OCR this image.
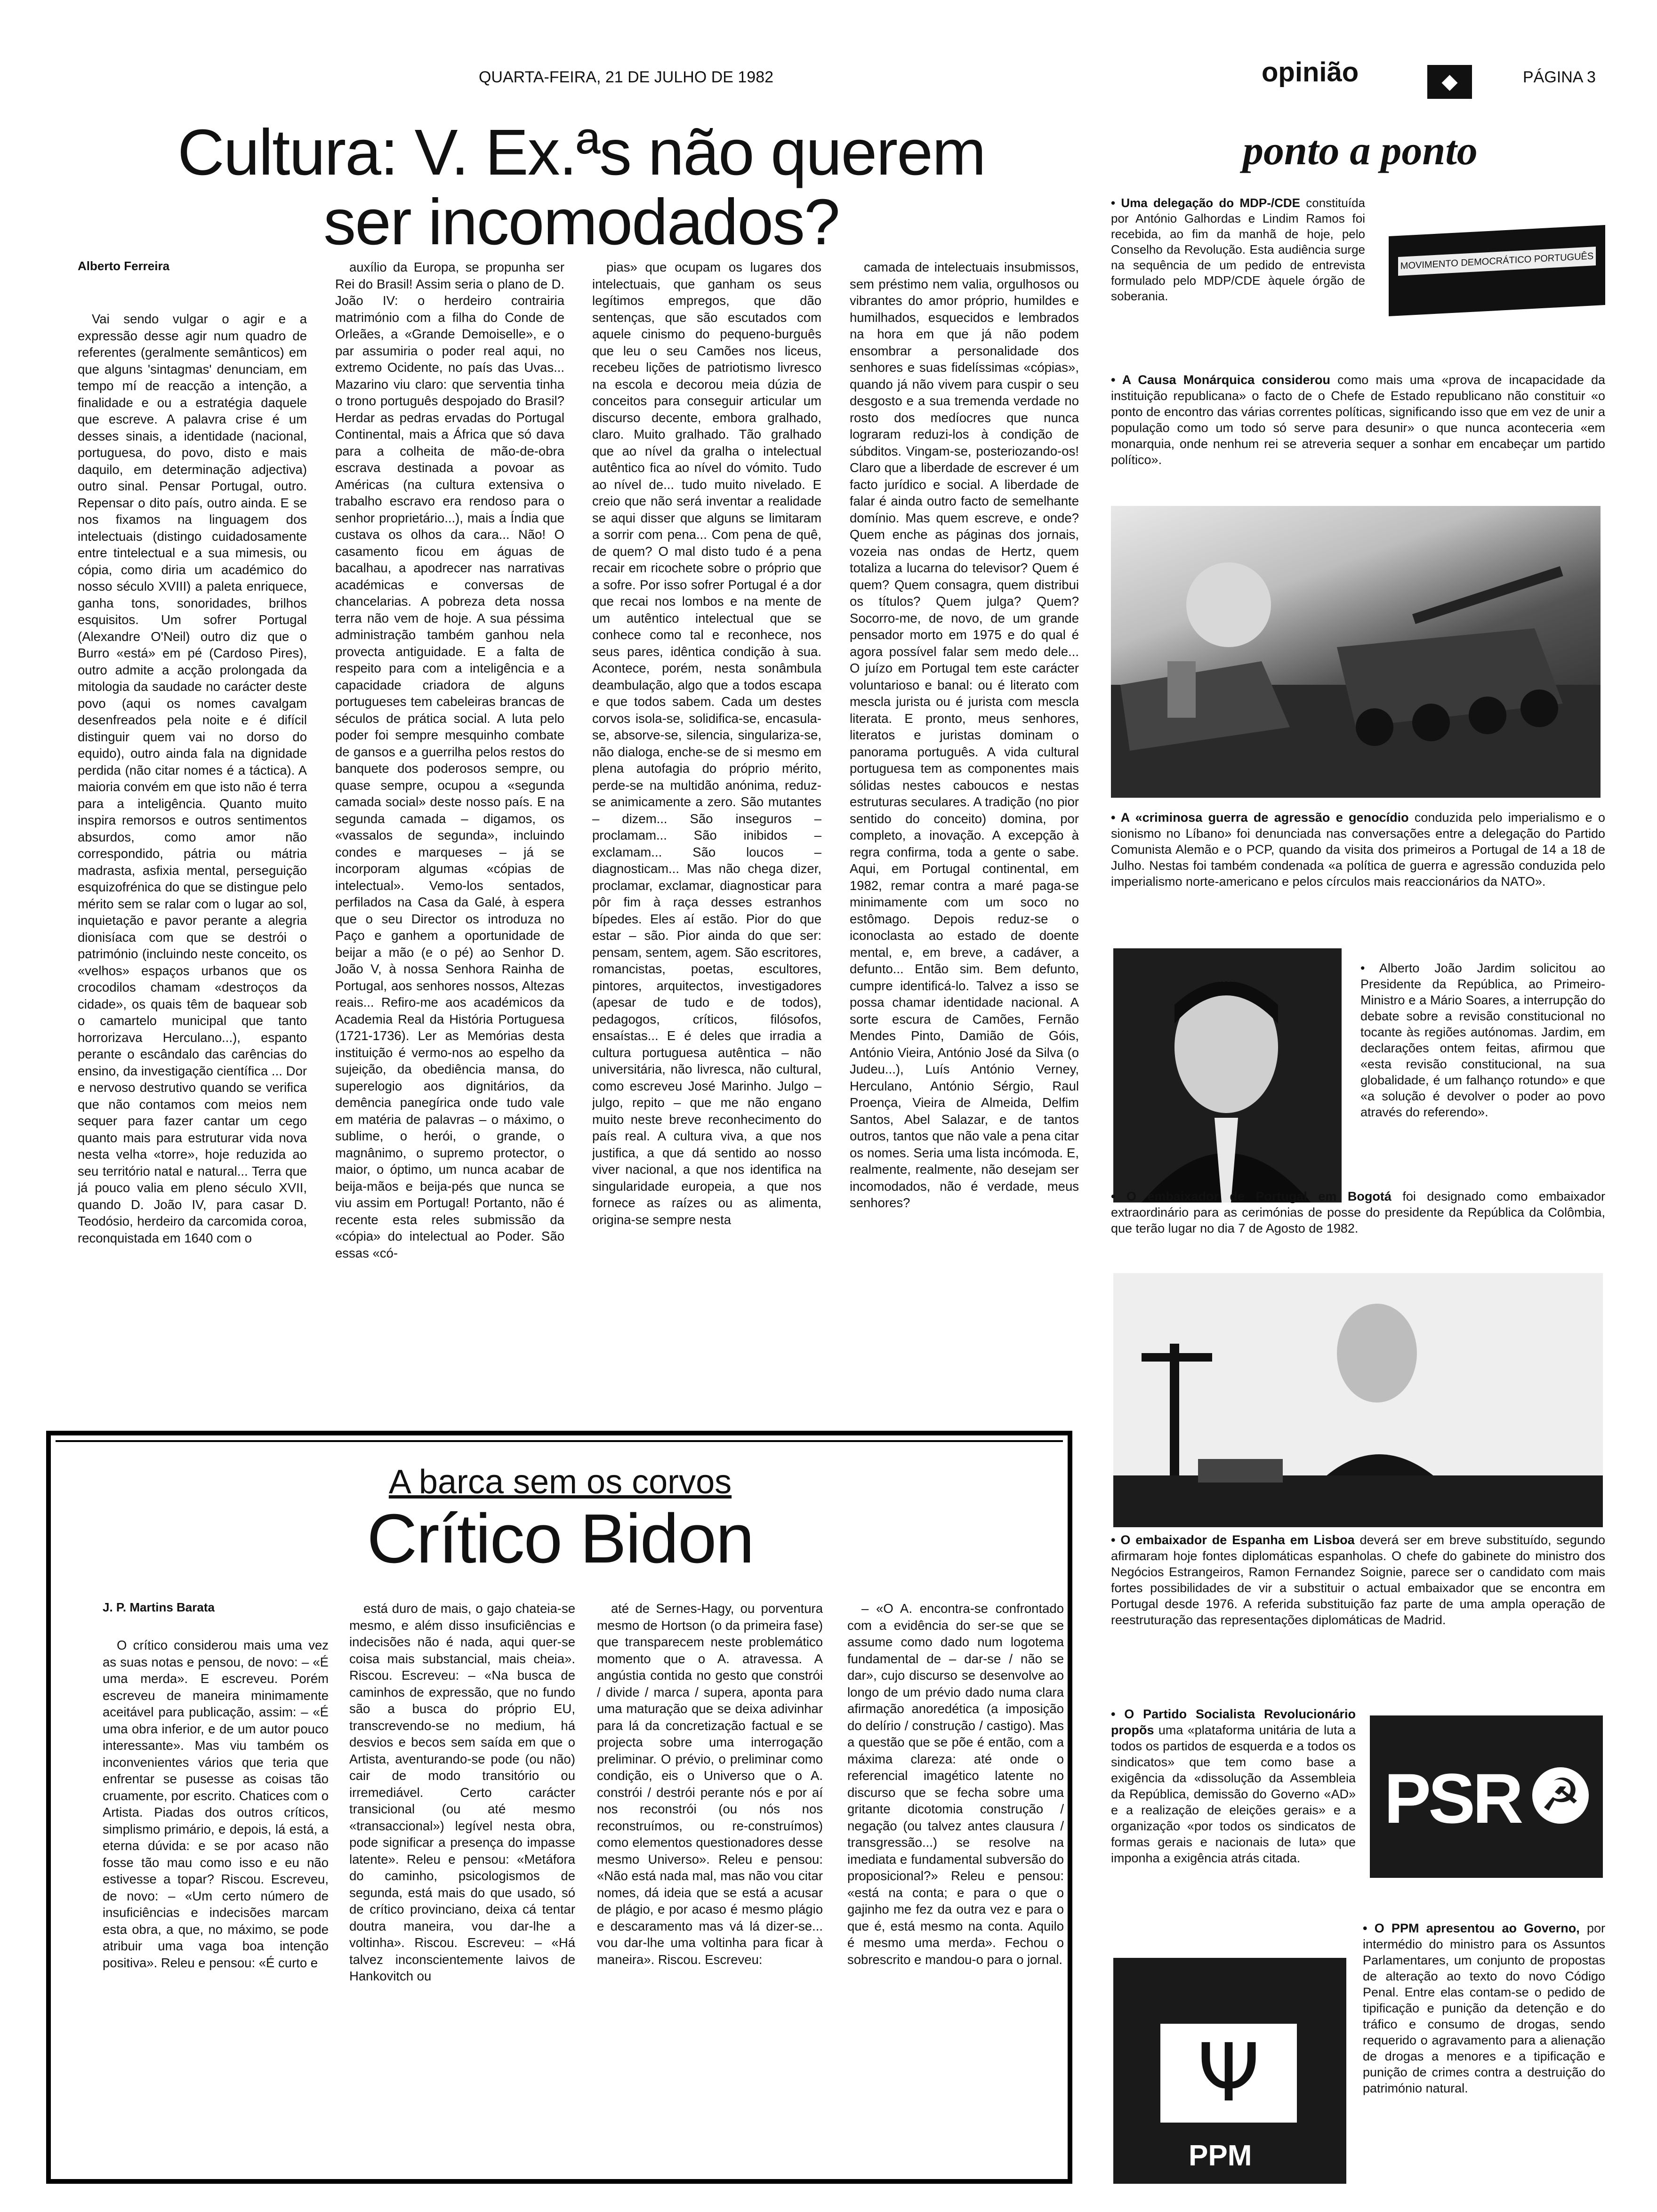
QUARTA-FEIRA, 21 DE JULHO DE 1982	opinião	◆	PÁGINA 3
Cultura: V. Ex.ªs não querem
ser incomodados?
Alberto Ferreira

Vai sendo vulgar o agir e a expressão desse agir num quadro de referentes (geralmente semânticos) em que alguns 'sintagmas' denunciam, em tempo mí de reacção a intenção, a finalidade e ou a estratégia daquele que escreve. A palavra crise é um desses sinais, a identidade (nacional, portuguesa, do povo, disto e mais daquilo, em determinação adjectiva) outro sinal. Pensar Portugal, outro. Repensar o dito país, outro ainda. E se nos fixamos na linguagem dos intelectuais (distingo cuidadosamente entre tintelectual e a sua mimesis, ou cópia, como diria um académico do nosso século XVIII) a paleta enriquece, ganha tons, sonoridades, brilhos esquisitos. Um sofrer Portugal (Alexandre O'Neil) outro diz que o Burro «está» em pé (Cardoso Pires), outro admite a acção prolongada da mitologia da saudade no carácter deste povo (aqui os nomes cavalgam desenfreados pela noite e é difícil distinguir quem vai no dorso do equido), outro ainda fala na dignidade perdida (não citar nomes é a táctica). A maioria convém em que isto não é terra para a inteligência. Quanto muito inspira remorsos e outros sentimentos absurdos, como amor não correspondido, pátria ou mátria madrasta, asfixia mental, perseguição esquizofrénica do que se distingue pelo mérito sem se ralar com o lugar ao sol, inquietação e pavor perante a alegria dionisíaca com que se destrói o património (incluindo neste conceito, os «velhos» espaços urbanos que os crocodilos chamam «destroços da cidade», os quais têm de baquear sob o camartelo municipal que tanto horrorizava Herculano...), espanto perante o escândalo das carências do ensino, da investigação científica ... Dor e nervoso destrutivo quando se verifica que não contamos com meios nem sequer para fazer cantar um cego quanto mais para estruturar vida nova nesta velha «torre», hoje reduzida ao seu território natal e natural... Terra que já pouco valia em pleno século XVII, quando D. João IV, para casar D. Teodósio, herdeiro da carcomida coroa, reconquistada em 1640 com o

auxílio da Europa, se propunha ser Rei do Brasil! Assim seria o plano de D. João IV: o herdeiro contrairia matrimónio com a filha do Conde de Orleães, a «Grande Demoiselle», e o par assumiria o poder real aqui, no extremo Ocidente, no país das Uvas... Mazarino viu claro: que serventia tinha o trono português despojado do Brasil? Herdar as pedras ervadas do Portugal Continental, mais a África que só dava para a colheita de mão-de-obra escrava destinada a povoar as Américas (na cultura extensiva o trabalho escravo era rendoso para o senhor proprietário...), mais a Índia que custava os olhos da cara... Não! O casamento ficou em águas de bacalhau, a apodrecer nas narrativas académicas e conversas de chancelarias. A pobreza deta nossa terra não vem de hoje. A sua péssima administração também ganhou nela provecta antiguidade. E a falta de respeito para com a inteligência e a capacidade criadora de alguns portugueses tem cabeleiras brancas de séculos de prática social. A luta pelo poder foi sempre mesquinho combate de gansos e a guerrilha pelos restos do banquete dos poderosos sempre, ou quase sempre, ocupou a «segunda camada social» deste nosso país. E na segunda camada – digamos, os «vassalos de segunda», incluindo condes e marqueses – já se incorporam algumas «cópias de intelectual». Vemo-los sentados, perfilados na Casa da Galé, à espera que o seu Director os introduza no Paço e ganhem a oportunidade de beijar a mão (e o pé) ao Senhor D. João V, à nossa Senhora Rainha de Portugal, aos senhores nossos, Altezas reais... Refiro-me aos académicos da Academia Real da História Portuguesa (1721-1736). Ler as Memórias desta instituição é vermo-nos ao espelho da sujeição, da obediência mansa, do superelogio aos dignitários, da demência panegírica onde tudo vale em matéria de palavras – o máximo, o sublime, o herói, o grande, o magnânimo, o supremo protector, o maior, o óptimo, um nunca acabar de beija-mãos e beija-pés que nunca se viu assim em Portugal! Portanto, não é recente esta reles submissão da «cópia» do intelectual ao Poder. São essas «có-

pias» que ocupam os lugares dos intelectuais, que ganham os seus legítimos empregos, que dão sentenças, que são escutados com aquele cinismo do pequeno-burguês que leu o seu Camões nos liceus, recebeu lições de patriotismo livresco na escola e decorou meia dúzia de conceitos para conseguir articular um discurso decente, embora gralhado, claro. Muito gralhado. Tão gralhado que ao nível da gralha o intelectual autêntico fica ao nível do vómito. Tudo ao nível de... tudo muito nivelado. E creio que não será inventar a realidade se aqui disser que alguns se limitaram a sorrir com pena... Com pena de quê, de quem? O mal disto tudo é a pena recair em ricochete sobre o próprio que a sofre. Por isso sofrer Portugal é a dor que recai nos lombos e na mente de um autêntico intelectual que se conhece como tal e reconhece, nos seus pares, idêntica condição à sua. Acontece, porém, nesta sonâmbula deambulação, algo que a todos escapa e que todos sabem. Cada um destes corvos isola-se, solidifica-se, encasula-se, absorve-se, silencia, singulariza-se, não dialoga, enche-se de si mesmo em plena autofagia do próprio mérito, perde-se na multidão anónima, reduz-se animicamente a zero. São mutantes – dizem... São inseguros – proclamam... São inibidos – exclamam... São loucos – diagnosticam... Mas não chega dizer, proclamar, exclamar, diagnosticar para pôr fim à raça desses estranhos bípedes. Eles aí estão. Pior do que estar – são. Pior ainda do que ser: pensam, sentem, agem. São escritores, romancistas, poetas, escultores, pintores, arquitectos, investigadores (apesar de tudo e de todos), pedagogos, críticos, filósofos, ensaístas... E é deles que irradia a cultura portuguesa autêntica – não universitária, não livresca, não cultural, como escreveu José Marinho. Julgo – julgo, repito – que me não engano muito neste breve reconhecimento do país real. A cultura viva, a que nos justifica, a que dá sentido ao nosso viver nacional, a que nos identifica na singularidade europeia, a que nos fornece as raízes ou as alimenta, origina-se sempre nesta

camada de intelectuais insubmissos, sem préstimo nem valia, orgulhosos ou vibrantes do amor próprio, humildes e humilhados, esquecidos e lembrados na hora em que já não podem ensombrar a personalidade dos senhores e suas fidelíssimas «cópias», quando já não vivem para cuspir o seu desgosto e a sua tremenda verdade no rosto dos medíocres que nunca lograram reduzi-los à condição de súbditos. Vingam-se, posteriozando-os! Claro que a liberdade de escrever é um facto jurídico e social. A liberdade de falar é ainda outro facto de semelhante domínio. Mas quem escreve, e onde? Quem enche as páginas dos jornais, vozeia nas ondas de Hertz, quem totaliza a lucarna do televisor? Quem é quem? Quem consagra, quem distribui os títulos? Quem julga? Quem? Socorro-me, de novo, de um grande pensador morto em 1975 e do qual é agora possível falar sem medo dele... O juízo em Portugal tem este carácter voluntarioso e banal: ou é literato com mescla jurista ou é jurista com mescla literata. E pronto, meus senhores, literatos e juristas dominam o panorama português. A vida cultural portuguesa tem as componentes mais sólidas nestes caboucos e nestas estruturas seculares. A tradição (no pior sentido do conceito) domina, por completo, a inovação. A excepção à regra confirma, toda a gente o sabe. Aqui, em Portugal continental, em 1982, remar contra a maré paga-se minimamente com um soco no estômago. Depois reduz-se o iconoclasta ao estado de doente mental, e, em breve, a cadáver, a defunto... Então sim. Bem defunto, cumpre identificá-lo. Talvez a isso se possa chamar identidade nacional. A sorte escura de Camões, Fernão Mendes Pinto, Damião de Góis, António Vieira, António José da Silva (o Judeu...), Luís António Verney, Herculano, António Sérgio, Raul Proença, Vieira de Almeida, Delfim Santos, Abel Salazar, e de tantos outros, tantos que não vale a pena citar os nomes. Seria uma lista incómoda. E, realmente, realmente, não desejam ser incomodados, não é verdade, meus senhores?

A barca sem os corvos
Crítico Bidon
J. P. Martins Barata

O crítico considerou mais uma vez as suas notas e pensou, de novo: – «É uma merda». E escreveu. Porém escreveu de maneira minimamente aceitável para publicação, assim: – «É uma obra inferior, e de um autor pouco interessante». Mas viu também os inconvenientes vários que teria que enfrentar se pusesse as coisas tão cruamente, por escrito. Chatices com o Artista. Piadas dos outros críticos, simplismo primário, e depois, lá está, a eterna dúvida: e se por acaso não fosse tão mau como isso e eu não estivesse a topar? Riscou. Escreveu, de novo: – «Um certo número de insuficiências e indecisões marcam esta obra, a que, no máximo, se pode atribuir uma vaga boa intenção positiva». Releu e pensou: «É curto e

está duro de mais, o gajo chateia-se mesmo, e além disso insuficiências e indecisões não é nada, aqui quer-se coisa mais substancial, mais cheia». Riscou. Escreveu: – «Na busca de caminhos de expressão, que no fundo são a busca do próprio EU, transcrevendo-se no medium, há desvios e becos sem saída em que o Artista, aventurando-se pode (ou não) cair de modo transitório ou irremediável. Certo carácter transicional (ou até mesmo «transaccional») legível nesta obra, pode significar a presença do impasse latente». Releu e pensou: «Metáfora do caminho, psicologismos de segunda, está mais do que usado, só de crítico provinciano, deixa cá tentar doutra maneira, vou dar-lhe a voltinha». Riscou. Escreveu: – «Há talvez inconscientemente laivos de Hankovitch ou

até de Sernes-Hagy, ou porventura mesmo de Hortson (o da primeira fase) que transparecem neste problemático momento que o A. atravessa. A angústia contida no gesto que constrói / divide / marca / supera, aponta para uma maturação que se deixa adivinhar para lá da concretização factual e se projecta sobre uma interrogação preliminar. O prévio, o preliminar como condição, eis o Universo que o A. constrói / destrói perante nós e por aí nos reconstrói (ou nós nos reconstruímos, ou re-construímos) como elementos questionadores desse mesmo Universo». Releu e pensou: «Não está nada mal, mas não vou citar nomes, dá ideia que se está a acusar de plágio, e por acaso é mesmo plágio e descaramento mas vá lá dizer-se... vou dar-lhe uma voltinha para ficar à maneira». Riscou. Escreveu:

– «O A. encontra-se confrontado com a evidência do ser-se que se assume como dado num logotema fundamental de – dar-se / não se dar», cujo discurso se desenvolve ao longo de um prévio dado numa clara afirmação anoredética (a imposição do delírio / construção / castigo). Mas a questão que se põe é então, com a máxima clareza: até onde o referencial imagético latente no discurso que se fecha sobre uma gritante dicotomia construção / negação (ou talvez antes clausura / transgressão...) se resolve na imediata e fundamental subversão do proposicional?» Releu e pensou: «está na conta; e para o que o gajinho me fez da outra vez e para o que é, está mesmo na conta. Aquilo é mesmo uma merda». Fechou o sobrescrito e mandou-o para o jornal.

ponto a ponto

• Uma delegação do MDP-/CDE constituída por António Galhordas e Lindim Ramos foi recebida, ao fim da manhã de hoje, pelo Conselho da Revolução. Esta audiência surge na sequência de um pedido de entrevista formulado pelo MDP/CDE àquele órgão de soberania.

MOVIMENTO DEMOCRÁTICO PORTUGUÊS

• A Causa Monárquica considerou como mais uma «prova de incapacidade da instituição republicana» o facto de o Chefe de Estado republicano não constituir «o ponto de encontro das várias correntes políticas, significando isso que em vez de unir a população como um todo só serve para desunir» o que nunca aconteceria «em monarquia, onde nenhum rei se atreveria sequer a sonhar em encabeçar um partido político».

• A «criminosa guerra de agressão e genocídio conduzida pelo imperialismo e o sionismo no Líbano» foi denunciada nas conversações entre a delegação do Partido Comunista Alemão e o PCP, quando da visita dos primeiros a Portugal de 14 a 18 de Julho. Nestas foi também condenada «a política de guerra e agressão conduzida pelo imperialismo norte-americano e pelos círculos mais reaccionários da NATO».

• Alberto João Jardim solicitou ao Presidente da República, ao Primeiro-Ministro e a Mário Soares, a interrupção do debate sobre a revisão constitucional no tocante às regiões autónomas. Jardim, em declarações ontem feitas, afirmou que «esta revisão constitucional, na sua globalidade, é um falhanço rotundo» e que «a solução é devolver o poder ao povo através do referendo».

• O embaixador de Portugal em Bogotá foi designado como embaixador extraordinário para as cerimónias de posse do presidente da República da Colômbia, que terão lugar no dia 7 de Agosto de 1982.

• O embaixador de Espanha em Lisboa deverá ser em breve substituído, segundo afirmaram hoje fontes diplomáticas espanholas. O chefe do gabinete do ministro dos Negócios Estrangeiros, Ramon Fernandez Soignie, parece ser o candidato com mais fortes possibilidades de vir a substituir o actual embaixador que se encontra em Portugal desde 1976. A referida substituição faz parte de uma ampla operação de reestruturação das representações diplomáticas de Madrid.

• O Partido Socialista Revolucionário propõs uma «plataforma unitária de luta a todos os partidos de esquerda e a todos os sindicatos» que tem como base a exigência da «dissolução da Assembleia da República, demissão do Governo «AD» e a realização de eleições gerais» e a organização «por todos os sindicatos de formas gerais e nacionais de luta» que imponha a exigência atrás citada.

PSR ☭
Ψ
PPM

• O PPM apresentou ao Governo, por intermédio do ministro para os Assuntos Parlamentares, um conjunto de propostas de alteração ao texto do novo Código Penal. Entre elas contam-se o pedido de tipificação e punição da detenção e do tráfico e consumo de drogas, sendo requerido o agravamento para a alienação de drogas a menores e a tipificação e punição de crimes contra a destruição do património natural.
